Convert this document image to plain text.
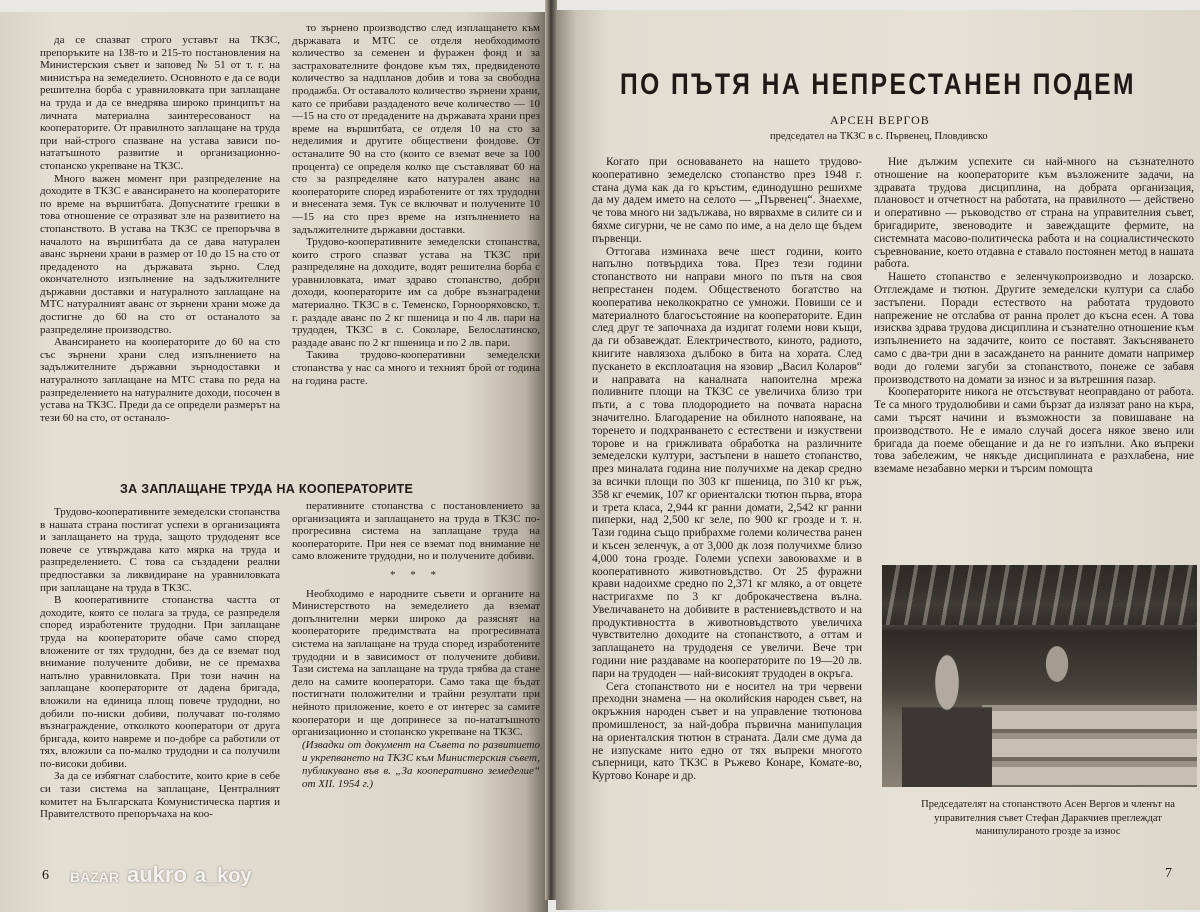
да се спазват строго уставът на ТКЗС, препоръките на 138-то и 215-то постановления на Министерския съвет и заповед № 51 от т. г. на министъра на земеделието. Основното е да се води решителна борба с уравниловката при заплащане на труда и да се внедрява широко принципът на личната материална заинтересованост на кооператорите. От правилното заплащане на труда при най-строго спазване на устава зависи по-нататъшното развитие и организационно-стопанско укрепване на ТКЗС.

Много важен момент при разпределение на доходите в ТКЗС е авансирането на кооператорите по време на вършитбата. Допуснатите грешки в това отношение се отразяват зле на развитието на стопанството. В устава на ТКЗС се препоръчва в началото на вършитбата да се дава натурален аванс зърнени храни в размер от 10 до 15 на сто от предаденото на държавата зърно. След окончателното изпълнение на задължителните държавни доставки и натуралното заплащане на МТС натуралният аванс от зърнени храни може да достигне до 60 на сто от останалото за разпределяне производство.

Авансирането на кооператорите до 60 на сто със зърнени храни след изпълнението на задължителните държавни зърнодоставки и натуралното заплащане на МТС става по реда на разпределението на натуралните доходи, посочен в устава на ТКЗС. Преди да се определи размерът на тези 60 на сто, от останало-

то зърнено производство след изплащането към държавата и МТС се отделя необходимото количество за семенен и фуражен фонд и за застрахователните фондове към тях, предвиденото количество за надпланов добив и това за свободна продажба. От оставалото количество зърнени храни, като се прибави раздаденото вече количество — 10—15 на сто от предадените на държавата храни през време на вършитбата, се отделя 10 на сто за неделимия и другите обществени фондове. От останалите 90 на сто (които се вземат вече за 100 процента) се определя колко ще съставляват 60 на сто за разпределяне като натурален аванс на кооператорите според изработените от тях трудодни и внесената земя. Тук се включват и получените 10—15 на сто през време на изпълнението на задължителните държавни доставки.

Трудово-кооперативните земеделски стопанства, които строго спазват устава на ТКЗС при разпределяне на доходите, водят решителна борба с уравниловката, имат здраво стопанство, добри доходи, кооператорите им са добре възнаградени материално. ТКЗС в с. Теменско, Горнооряховско, т. г. раздаде аванс по 2 кг пшеница и по 4 лв. пари на трудоден, ТКЗС в с. Соколаре, Белослатинско, раздаде аванс по 2 кг пшеница и по 2 лв. пари.

Такива трудово-кооперативни земеделски стопанства у нас са много и техният брой от година на година расте.

ЗА ЗАПЛАЩАНЕ ТРУДА НА КООПЕРАТОРИТЕ

Трудово-кооперативните земеделски стопанства в нашата страна постигат успехи в организацията и заплащането на труда, защото трудоденят все повече се утвърждава като мярка на труда и разпределението. С това са създадени реални предпоставки за ликвидиране на уравниловката при заплащане на труда в ТКЗС.

В кооперативните стопанства частта от доходите, която се полага за труда, се разпределя според изработените трудодни. При заплащане труда на кооператорите обаче само според вложените от тях трудодни, без да се вземат под внимание получените добиви, не се премахва напълно уравниловката. При този начин на заплащане кооператорите от дадена бригада, вложили на единица площ повече трудодни, но добили по-ниски добиви, получават по-голямо възнаграждение, отколкото кооператори от друга бригада, които навреме и по-добре са работили от тях, вложили са по-малко трудодни и са получили по-високи добиви.

За да се избягнат слабостите, които крие в себе си тази система на заплащане, Централният комитет на Българската Комунистическа партия и Правителството препоръчаха на коо-

перативните стопанства с постановлението за организацията и заплащането на труда в ТКЗС по-прогресивна система на заплащане труда на кооператорите. При нея се вземат под внимание не само вложените трудодни, но и получените добиви.

* * *

Необходимо е народните съвети и органите на Министерството на земеделието да вземат допълнителни мерки широко да разяснят на кооператорите предимствата на прогресивната система на заплащане на труда според изработените трудодни и в зависимост от получените добиви. Тази система на заплащане на труда трябва да стане дело на самите кооператори. Само така ще бъдат постигнати положителни и трайни резултати при нейното приложение, което е от интерес за самите кооператори и ще допринесе за по-нататъшното организационно и стопанско укрепване на ТКЗС.

(Извадки от документ на Съвета по развитието и укрепването на ТКЗС към Министерския съвет, публикувано във в. „За кооперативно земеделие“ от XII. 1954 г.)

6
ПО ПЪТЯ НА НЕПРЕСТАНЕН ПОДЕМ
АРСЕН ВЕРГОВ
председател на ТКЗС в с. Първенец, Пловдивско

Когато при основаването на нашето трудово-кооперативно земеделско стопанство през 1948 г. стана дума как да го кръстим, единодушно решихме да му дадем името на селото — „Първенец“. Знаехме, че това много ни задължава, но вярвахме в силите си и бяхме сигурни, че не само по име, а на дело ще бъдем първенци.

Оттогава изминаха вече шест години, които напълно потвърдиха това. През тези години стопанството ни направи много по пътя на своя непрестанен подем. Общественото богатство на кооператива неколкократно се умножи. Повиши се и материалното благосъстояние на кооператорите. Един след друг те започнаха да издигат големи нови къщи, да ги обзавеждат. Електричеството, киното, радиото, книгите навлязоха дълбоко в бита на хората. След пускането в експлоатация на язовир „Васил Коларов“ и направата на каналната напоителна мрежа поливните площи на ТКЗС се увеличиха близо три пъти, а с това плодородието на почвата нарасна значително. Благодарение на обилното напояване, на торенето и подхранването с естествени и изкуствени торове и на грижливата обработка на различните земеделски култури, застъпени в нашето стопанство, през миналата година ние получихме на декар средно за всички площи по 303 кг пшеница, по 310 кг ръж, 358 кг ечемик, 107 кг ориенталски тютюн първа, втора и трета класа, 2,944 кг ранни домати, 2,542 кг ранни пиперки, над 2,500 кг зеле, по 900 кг грозде и т. н. Тази година също прибрахме големи количества ранен и късен зеленчук, а от 3,000 дк лозя получихме близо 4,000 тона грозде. Големи успехи завоювахме и в кооперативното животновъдство. От 25 фуражни крави надоихме средно по 2,371 кг мляко, а от овцете настригахме по 3 кг доброкачествена вълна. Увеличаването на добивите в растениевъдството и на продуктивността в животновъдството увеличиха чувствително доходите на стопанството, а оттам и заплащането на трудоденя се увеличи. Вече три години ние раздаваме на кооператорите по 19—20 лв. пари на трудоден — най-високият трудоден в окръга.

Сега стопанството ни е носител на три червени преходни знамена — на околийския народен съвет, на окръжния народен съвет и на управление тютюнова промишленост, за най-добра първична манипулация на ориенталския тютюн в страната. Дали сме дума да не изпускаме нито едно от тях въпреки многото съперници, като ТКЗС в Ръжево Конаре, Комате-во, Куртово Конаре и др.

Ние дължим успехите си най-много на съзнателното отношение на кооператорите към възложените задачи, на здравата трудова дисциплина, на добрата организация, плановост и отчетност на работата, на правилното — действено и оперативно — ръководство от страна на управителния съвет, бригадирите, звеноводите и завеждащите фермите, на системната масово-политическа работа и на социалистическото съревнование, което отдавна е ставало постоянен метод в нашата работа.

Нашето стопанство е зеленчукопроизводно и лозарско. Отглеждаме и тютюн. Другите земеделски култури са слабо застъпени. Поради естеството на работата трудовото напрежение не отслабва от ранна пролет до късна есен. А това изисква здрава трудова дисциплина и съзнателно отношение към изпълнението на задачите, които се поставят. Закъсняването само с два-три дни в засаждането на ранните домати например води до големи загуби за стопанството, понеже се забавя производството на домати за износ и за вътрешния пазар.

Кооператорите никога не отсъствуват неоправдано от работа. Те са много трудолюбиви и сами бързат да излязат рано на къра, сами търсят начини и възможности за повишаване на производството. Не е имало случай досега някое звено или бригада да поеме обещание и да не го изпълни. Ако въпреки това забележим, че някъде дисциплината е разхлабена, ние вземаме незабавно мерки и търсим помощта

Председателят на стопанството Асен Вергов и членът на управителния съвет Стефан Даракчиев преглеждат манипулираното грозде за износ
7
BAZAR aukro a_koy
